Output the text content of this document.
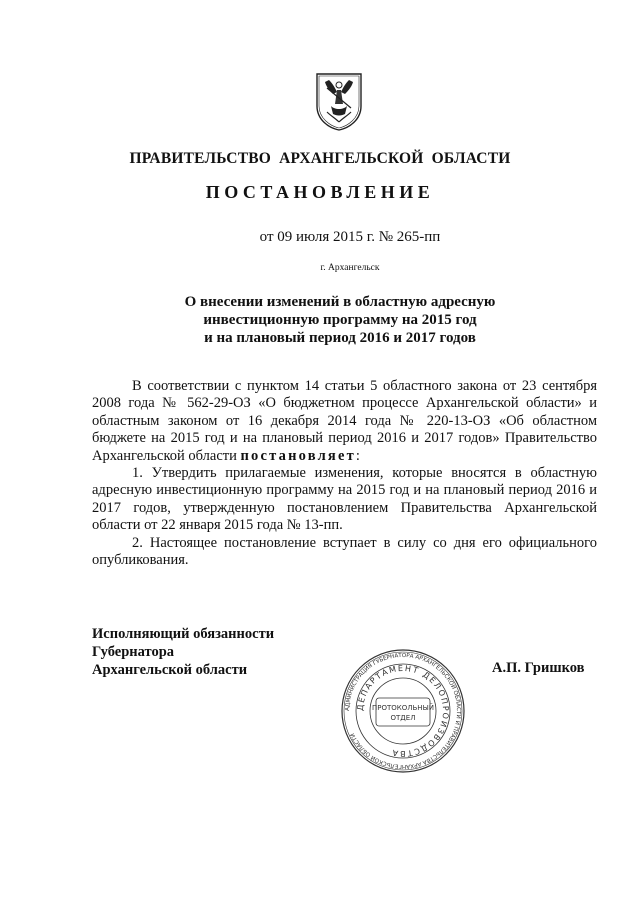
ПРАВИТЕЛЬСТВО АРХАНГЕЛЬСКОЙ ОБЛАСТИ
ПОСТАНОВЛЕНИЕ
от 09 июля 2015 г. № 265-пп
г. Архангельск
О внесении изменений в областную адресную
инвестиционную программу на 2015 год
и на плановый период 2016 и 2017 годов

В соответствии с пунктом 14 статьи 5 областного закона от 23 сентября 2008 года № 562-29-ОЗ «О бюджетном процессе Архангельской области» и областным законом от 16 декабря 2014 года № 220-13-ОЗ «Об областном бюджете на 2015 год и на плановый период 2016 и 2017 годов» Правительство Архангельской области постановляет:

1. Утвердить прилагаемые изменения, которые вносятся в областную адресную инвестиционную программу на 2015 год и на плановый период 2016 и 2017 годов, утвержденную постановлением Правительства Архангельской области от 22 января 2015 года № 13-пп.

2. Настоящее постановление вступает в силу со дня его официального опубликования.

Исполняющий обязанности
Губернатора
Архангельской области	А.П. Гришков
АДМИНИСТРАЦИЯ ГУБЕРНАТОРА АРХАНГЕЛЬСКОЙ ОБЛАСТИ И ПРАВИТЕЛЬСТВА АРХАНГЕЛЬСКОЙ ОБЛАСТИ
ДЕПАРТАМЕНТ ДЕЛОПРОИЗВОДСТВА
ПРОТОКОЛЬНЫЙ
ОТДЕЛ
